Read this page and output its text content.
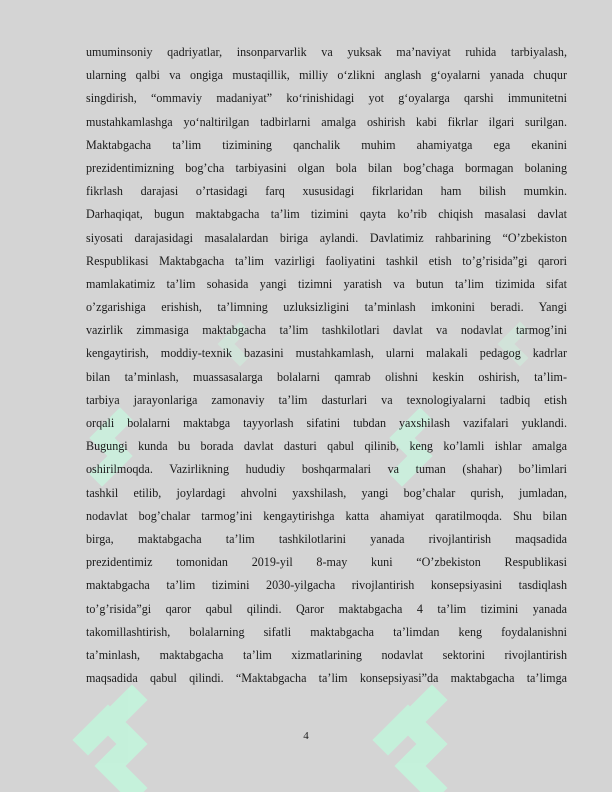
umuminsoniy qadriyatlar, insonparvarlik va yuksak ma’naviyat ruhida tarbiyalash,
ularning qalbi va ongiga mustaqillik, milliy o‘zlikni anglash g‘oyalarni yanada chuqur
singdirish, “ommaviy madaniyat” ko‘rinishidagi yot g‘oyalarga qarshi immunitetni
mustahkamlashga yo‘naltirilgan tadbirlarni amalga oshirish kabi fikrlar ilgari surilgan.
Maktabgacha ta’lim tizimining qanchalik muhim ahamiyatga ega ekanini
prezidentimizning bog’cha tarbiyasini olgan bola bilan bog’chaga bormagan bolaning
fikrlash darajasi o’rtasidagi farq xususidagi fikrlaridan ham bilish mumkin.
Darhaqiqat, bugun maktabgacha ta’lim tizimini qayta ko’rib chiqish masalasi davlat
siyosati darajasidagi masalalardan biriga aylandi. Davlatimiz rahbarining “O’zbekiston
Respublikasi Maktabgacha ta’lim vazirligi faoliyatini tashkil etish to’g’risida”gi qarori
mamlakatimiz ta’lim sohasida yangi tizimni yaratish va butun ta’lim tizimida sifat
o’zgarishiga erishish, ta’limning uzluksizligini ta’minlash imkonini beradi. Yangi
vazirlik zimmasiga maktabgacha ta’lim tashkilotlari davlat va nodavlat tarmog’ini
kengaytirish, moddiy-texnik bazasini mustahkamlash, ularni malakali pedagog kadrlar
bilan ta’minlash, muassasalarga bolalarni qamrab olishni keskin oshirish, ta’lim-
tarbiya jarayonlariga zamonaviy ta’lim dasturlari va texnologiyalarni tadbiq etish
orqali bolalarni maktabga tayyorlash sifatini tubdan yaxshilash vazifalari yuklandi.
Bugungi kunda bu borada davlat dasturi qabul qilinib, keng ko’lamli ishlar amalga
oshirilmoqda. Vazirlikning hududiy boshqarmalari va tuman (shahar) bo’limlari
tashkil etilib, joylardagi ahvolni yaxshilash, yangi bog’chalar qurish, jumladan,
nodavlat bog’chalar tarmog’ini kengaytirishga katta ahamiyat qaratilmoqda. Shu bilan
birga, maktabgacha ta’lim tashkilotlarini yanada rivojlantirish maqsadida
prezidentimiz tomonidan 2019-yil 8-may kuni “O’zbekiston Respublikasi
maktabgacha ta’lim tizimini 2030-yilgacha rivojlantirish konsepsiyasini tasdiqlash
to’g’risida”gi qaror qabul qilindi. Qaror maktabgacha 4 ta’lim tizimini yanada
takomillashtirish, bolalarning sifatli maktabgacha ta’limdan keng foydalanishni
ta’minlash, maktabgacha ta’lim xizmatlarining nodavlat sektorini rivojlantirish
maqsadida qabul qilindi. “Maktabgacha ta’lim konsepsiyasi”da maktabgacha ta’limga
4
